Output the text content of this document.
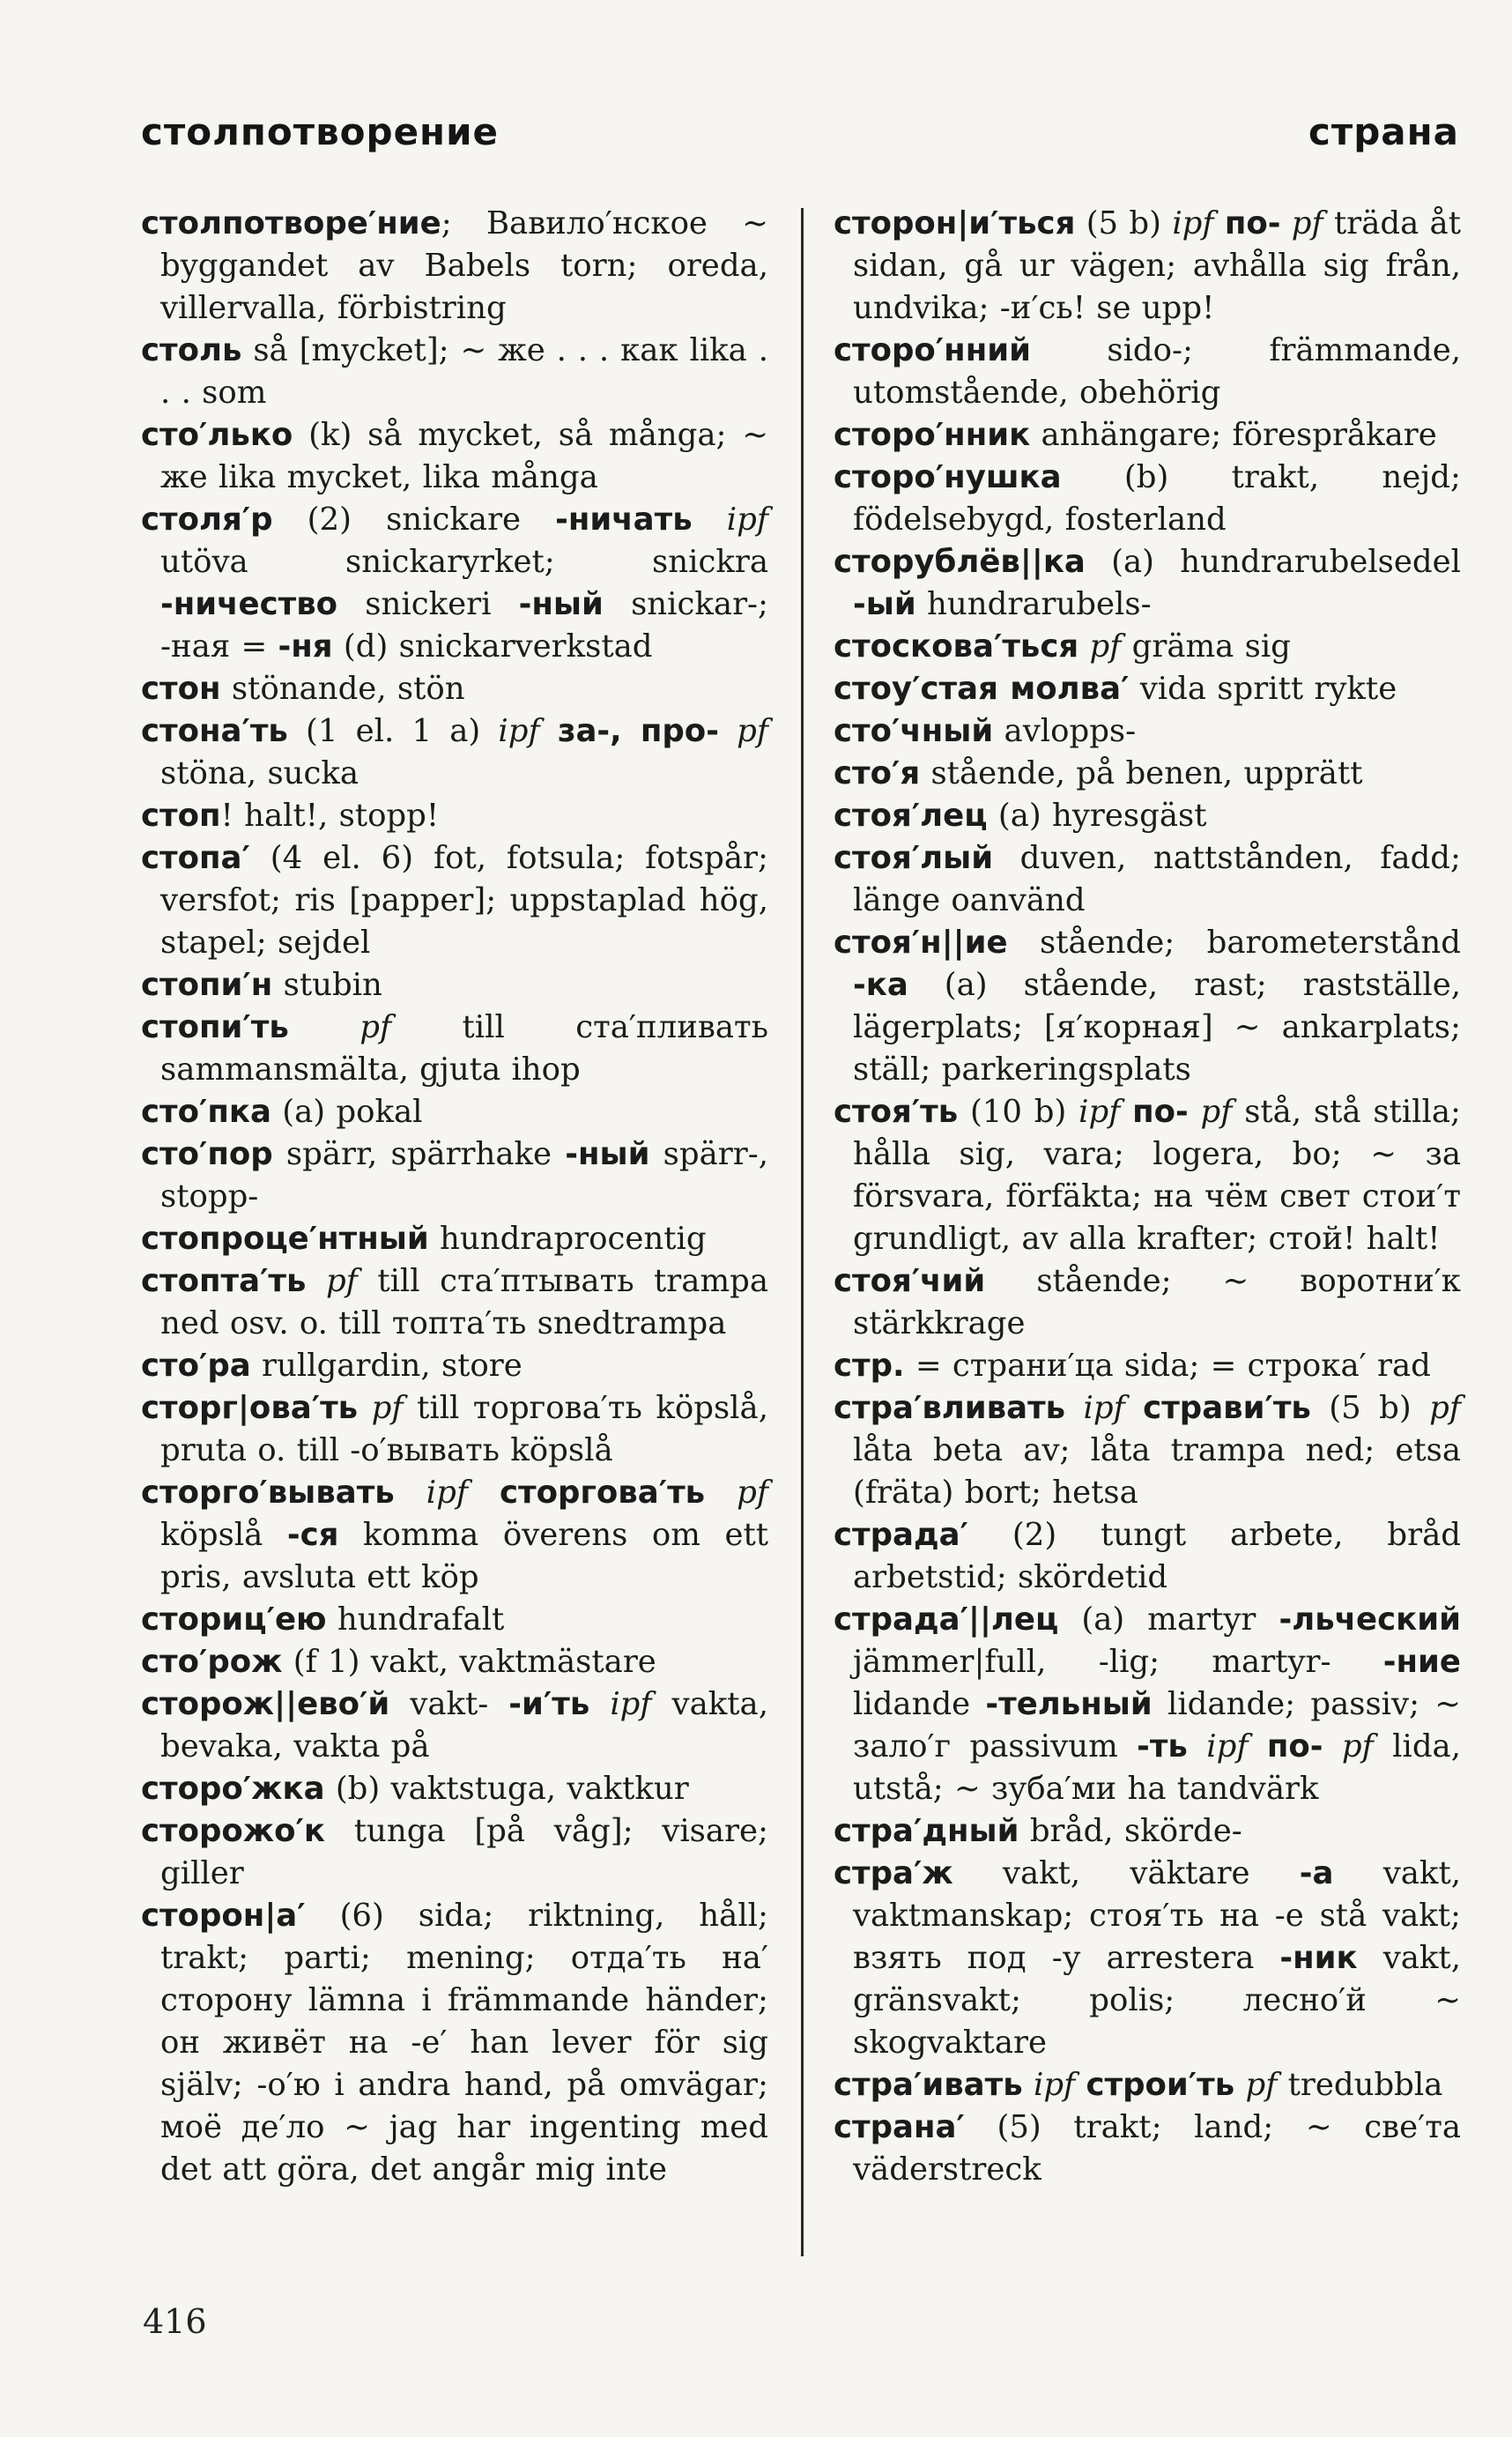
столпотворение	страна
столпотворе′ние; Вавило′нское ~ byggandet av Babels torn; oreda, villervalla, förbistring
столь så [mycket]; ~ же . . . как lika . . . som
сто′лько (k) så mycket, så många; ~ же lika mycket, lika många
столя′р (2) snickare -ничать ipf utöva snickaryrket; snickra -ничество snickeri -ный snickar-; -ная = -ня (d) snickarverkstad
стон stönande, stön
стона′ть (1 el. 1 a) ipf за-, про- pf stöna, sucka
стоп! halt!, stopp!
стопа′ (4 el. 6) fot, fotsula; fotspår; versfot; ris [papper]; uppstaplad hög, stapel; sejdel
стопи′н stubin
стопи′ть pf till ста′пливать sammansmälta, gjuta ihop
сто′пка (a) pokal
сто′пор spärr, spärrhake -ный spärr-, stopp-
стопроце′нтный hundraprocentig
стопта′ть pf till ста′птывать trampa ned osv. o. till топта′ть snedtrampa
сто′ра rullgardin, store
сторг|ова′ть pf till торгова′ть köpslå, pruta o. till -о′вывать köpslå
сторго′вывать ipf сторгова′ть pf köpslå -ся komma överens om ett pris, avsluta ett köp
сториц′ею hundrafalt
сто′рож (f 1) vakt, vaktmästare
сторож||ево′й vakt- -и′ть ipf vakta, bevaka, vakta på
сторо′жка (b) vaktstuga, vaktkur
сторожо′к tunga [på våg]; visare; giller
сторон|а′ (6) sida; riktning, håll; trakt; parti; mening; отда′ть на′ сторону lämna i främmande händer; он живёт на -е′ han lever för sig själv; -о′ю i andra hand, på omvägar; моё де′ло ~ jag har ingenting med det att göra, det angår mig inte
сторон|и′ться (5 b) ipf по- pf träda åt sidan, gå ur vägen; avhålla sig från, undvika; -и′сь! se upp!
сторо′нний sido-; främmande, utomstående, obehörig
сторо′нник anhängare; förespråkare
сторо′нушка (b) trakt, nejd; födelsebygd, fosterland
сторублёв||ка (a) hundrarubelsedel -ый hundrarubels-
стоскова′ться pf gräma sig
стоу′стая молва′ vida spritt rykte
сто′чный avlopps-
сто′я stående, på benen, upprätt
стоя′лец (a) hyresgäst
стоя′лый duven, nattstånden, fadd; länge oanvänd
стоя′н||ие stående; barometerstånd -ка (a) stående, rast; rastställe, lägerplats; [я′корная] ~ ankarplats; ställ; parkeringsplats
стоя′ть (10 b) ipf по- pf stå, stå stilla; hålla sig, vara; logera, bo; ~ за försvara, förfäkta; на чём свет стои′т grundligt, av alla krafter; стой! halt!
стоя′чий stående; ~ воротни′к stärkkrage
стр. = страни′ца sida; = строка′ rad
стра′вливать ipf страви′ть (5 b) pf låta beta av; låta trampa ned; etsa (fräta) bort; hetsa
страда′ (2) tungt arbete, bråd arbetstid; skördetid
страда′||лец (a) martyr -льческий jämmer|full, -lig; martyr- -ние lidande -тельный lidande; passiv; ~ зало′г passivum -ть ipf по- pf lida, utstå; ~ зуба′ми ha tandvärk
стра′дный bråd, skörde-
стра′ж vakt, väktare -а vakt, vaktmanskap; стоя′ть на -е stå vakt; взять под -у arrestera -ник vakt, gränsvakt; polis; лесно′й ~ skogvaktare
стра′ивать ipf строи′ть pf tredubbla
страна′ (5) trakt; land; ~ све′та väderstreck
416
